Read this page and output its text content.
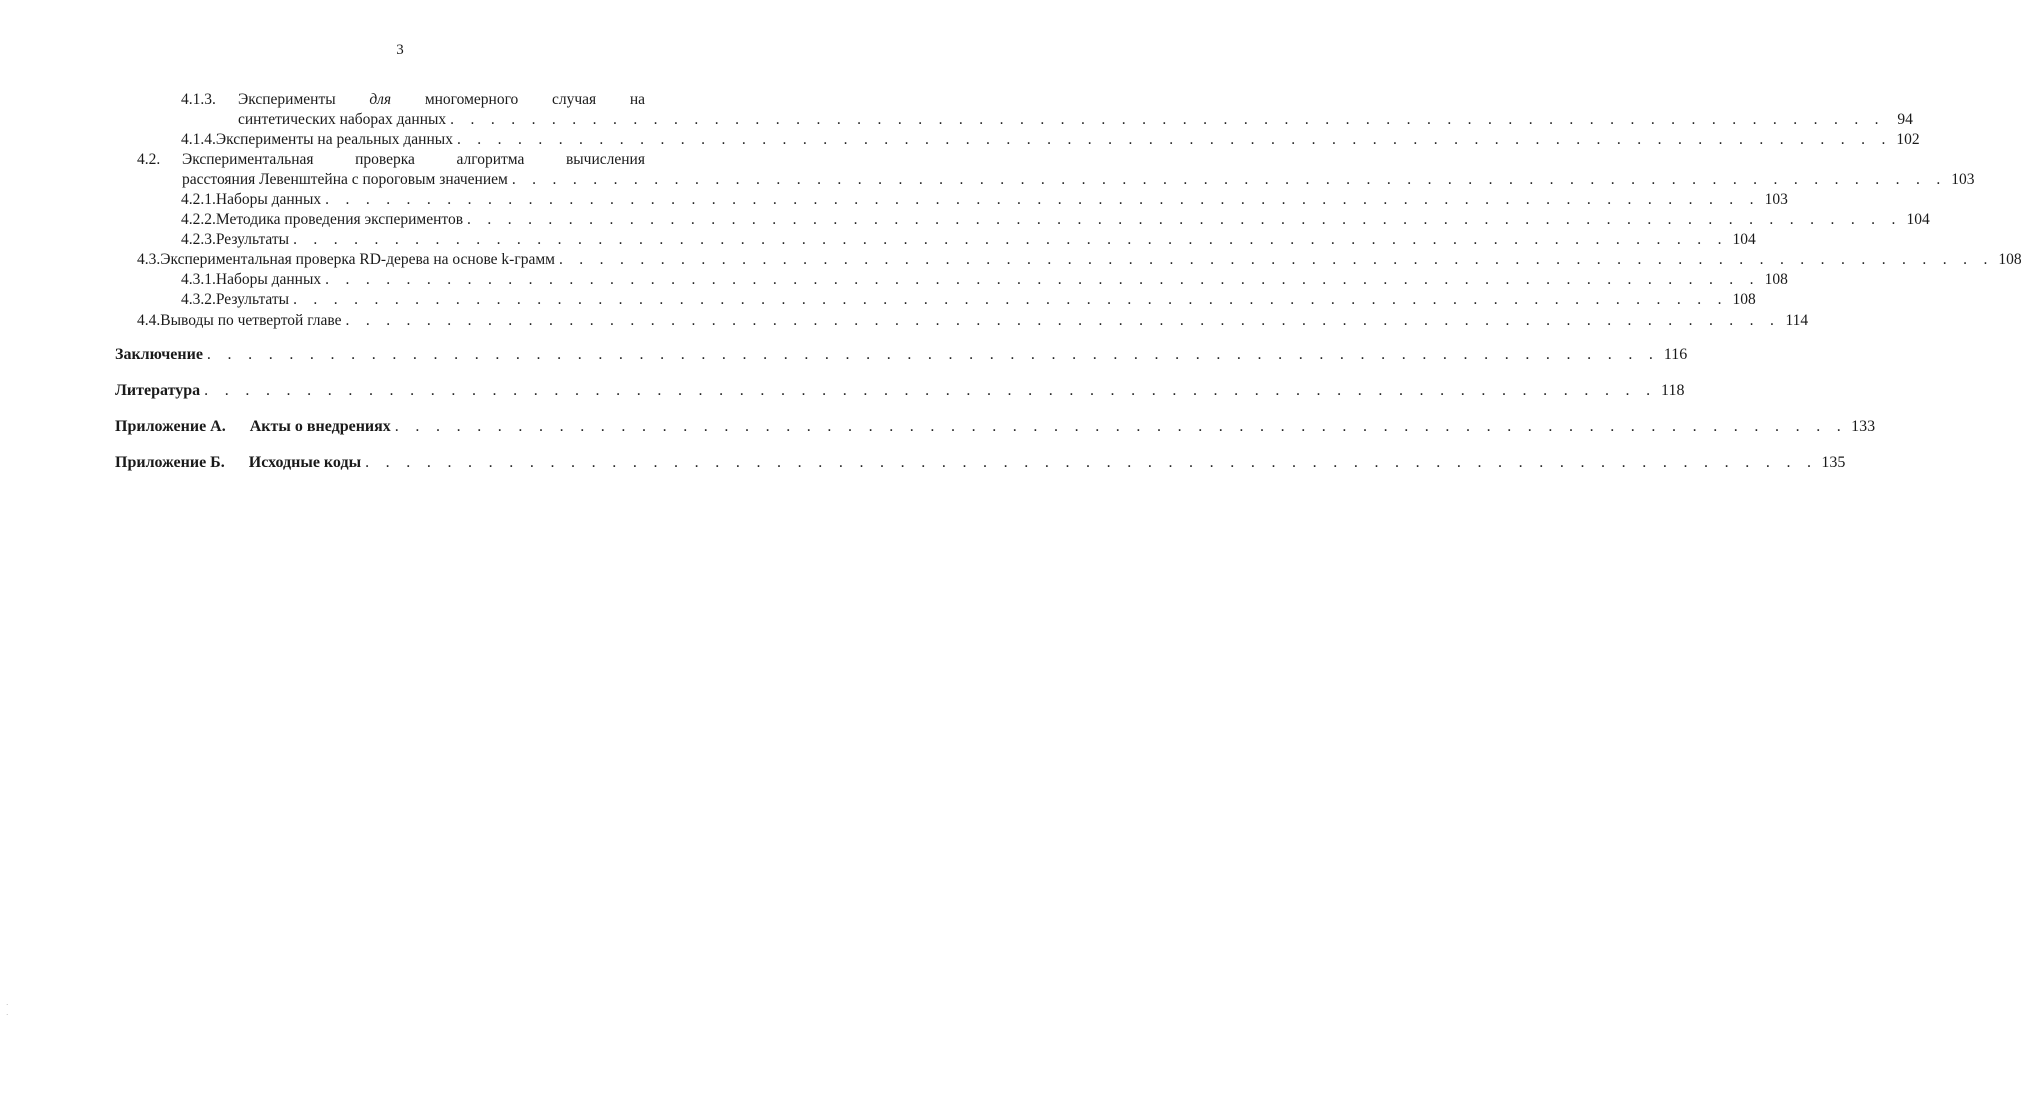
3
4.1.3. Эксперименты для многомерного случая на
синтетических наборах данных . . . . . . . . . . . . . . . . . . . . . . . . . . . . . . . . . . . . . . . . . . . . . . . . . . . . . . . . . . . . . . . . . . . . . . . 94
4.1.4. Эксперименты на реальных данных . . . . . . . . . . . . . . . . . . . . . . . . . . . . . . . . . . . . . . . . . . . . . . . . . . . . . . . . . . . . . . . . . . . . . . . 102
4.2. Экспериментальная	проверка	алгоритма	вычисления
расстояния Левенштейна с пороговым значением . . . . . . . . . . . . . . . . . . . . . . . . . . . . . . . . . . . . . . . . . . . . . . . . . . . . . . . . . . . . . . . . . . . . . . . 103
4.2.1. Наборы данных . . . . . . . . . . . . . . . . . . . . . . . . . . . . . . . . . . . . . . . . . . . . . . . . . . . . . . . . . . . . . . . . . . . . . . . 103
4.2.2. Методика проведения экспериментов . . . . . . . . . . . . . . . . . . . . . . . . . . . . . . . . . . . . . . . . . . . . . . . . . . . . . . . . . . . . . . . . . . . . . . . 104
4.2.3. Результаты . . . . . . . . . . . . . . . . . . . . . . . . . . . . . . . . . . . . . . . . . . . . . . . . . . . . . . . . . . . . . . . . . . . . . . . 104
4.3. Экспериментальная проверка RD-дерева на основе k-грамм . . . . . . . . . . . . . . . . . . . . . . . . . . . . . . . . . . . . . . . . . . . . . . . . . . . . . . . . . . . . . . . . . . . . . . . 108
4.3.1. Наборы данных . . . . . . . . . . . . . . . . . . . . . . . . . . . . . . . . . . . . . . . . . . . . . . . . . . . . . . . . . . . . . . . . . . . . . . . 108
4.3.2. Результаты . . . . . . . . . . . . . . . . . . . . . . . . . . . . . . . . . . . . . . . . . . . . . . . . . . . . . . . . . . . . . . . . . . . . . . . 108
4.4. Выводы по четвертой главе . . . . . . . . . . . . . . . . . . . . . . . . . . . . . . . . . . . . . . . . . . . . . . . . . . . . . . . . . . . . . . . . . . . . . . . 114
Заключение . . . . . . . . . . . . . . . . . . . . . . . . . . . . . . . . . . . . . . . . . . . . . . . . . . . . . . . . . . . . . . . . . . . . . . . 116
Литература . . . . . . . . . . . . . . . . . . . . . . . . . . . . . . . . . . . . . . . . . . . . . . . . . . . . . . . . . . . . . . . . . . . . . . . 118
Приложение А. Акты о внедрениях . . . . . . . . . . . . . . . . . . . . . . . . . . . . . . . . . . . . . . . . . . . . . . . . . . . . . . . . . . . . . . . . . . . . . . . 133
Приложение Б. Исходные коды . . . . . . . . . . . . . . . . . . . . . . . . . . . . . . . . . . . . . . . . . . . . . . . . . . . . . . . . . . . . . . . . . . . . . . . 135
·
·
